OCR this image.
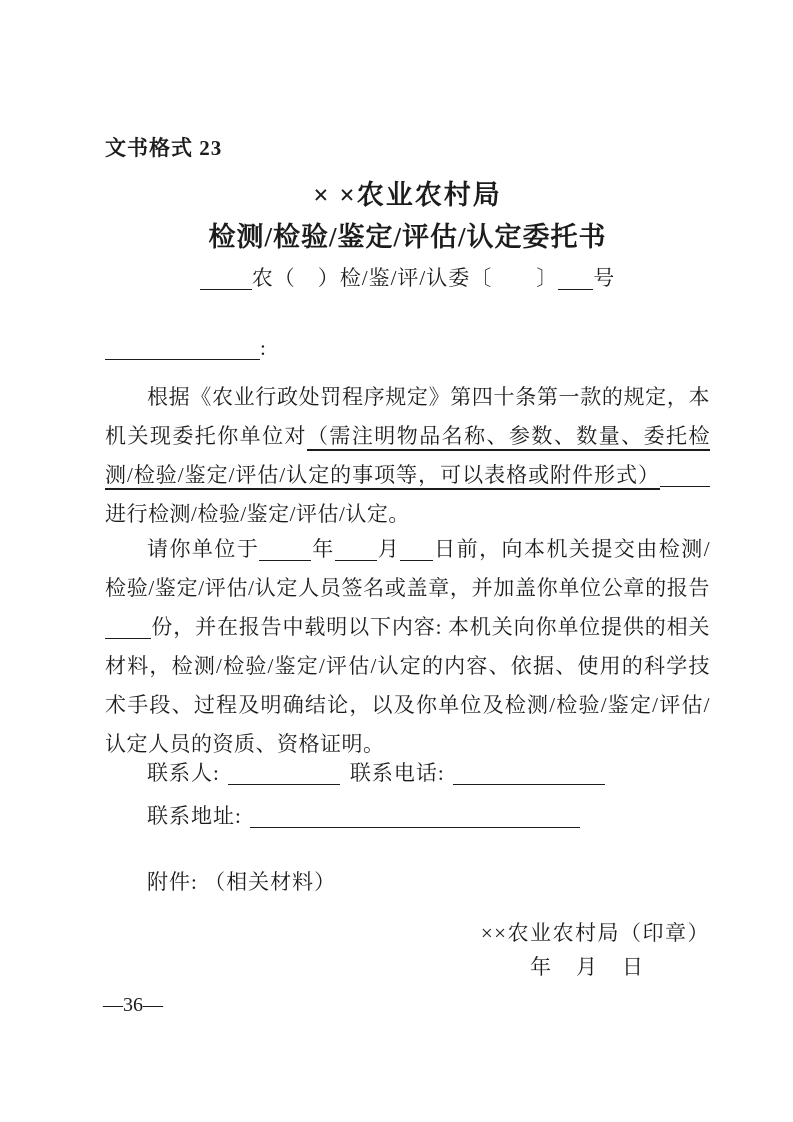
文书格式 23
× ×农业农村局
检测/检验/鉴定/评估/认定委托书
农（　）检/鉴/评/认委〔　　〕 号
:

根据《农业行政处罚程序规定》第四十条第一款的规定，本机关现委托你单位对（需注明物品名称、参数、数量、委托检测/检验/鉴定/评估/认定的事项等，可以表格或附件形式）进行检测/检验/鉴定/评估/认定。

请你单位于 年 月 日前，向本机关提交由检测/检验/鉴定/评估/认定人员签名或盖章，并加盖你单位公章的报告份，并在报告中载明以下内容: 本机关向你单位提供的相关材料，检测/检验/鉴定/评估/认定的内容、依据、使用的科学技术手段、过程及明确结论，以及你单位及检测/检验/鉴定/评估/认定人员的资质、资格证明。

联系人:	联系电话:
联系地址:
附件: （相关材料）
××农业农村局（印章）
年　月　日
—36—
